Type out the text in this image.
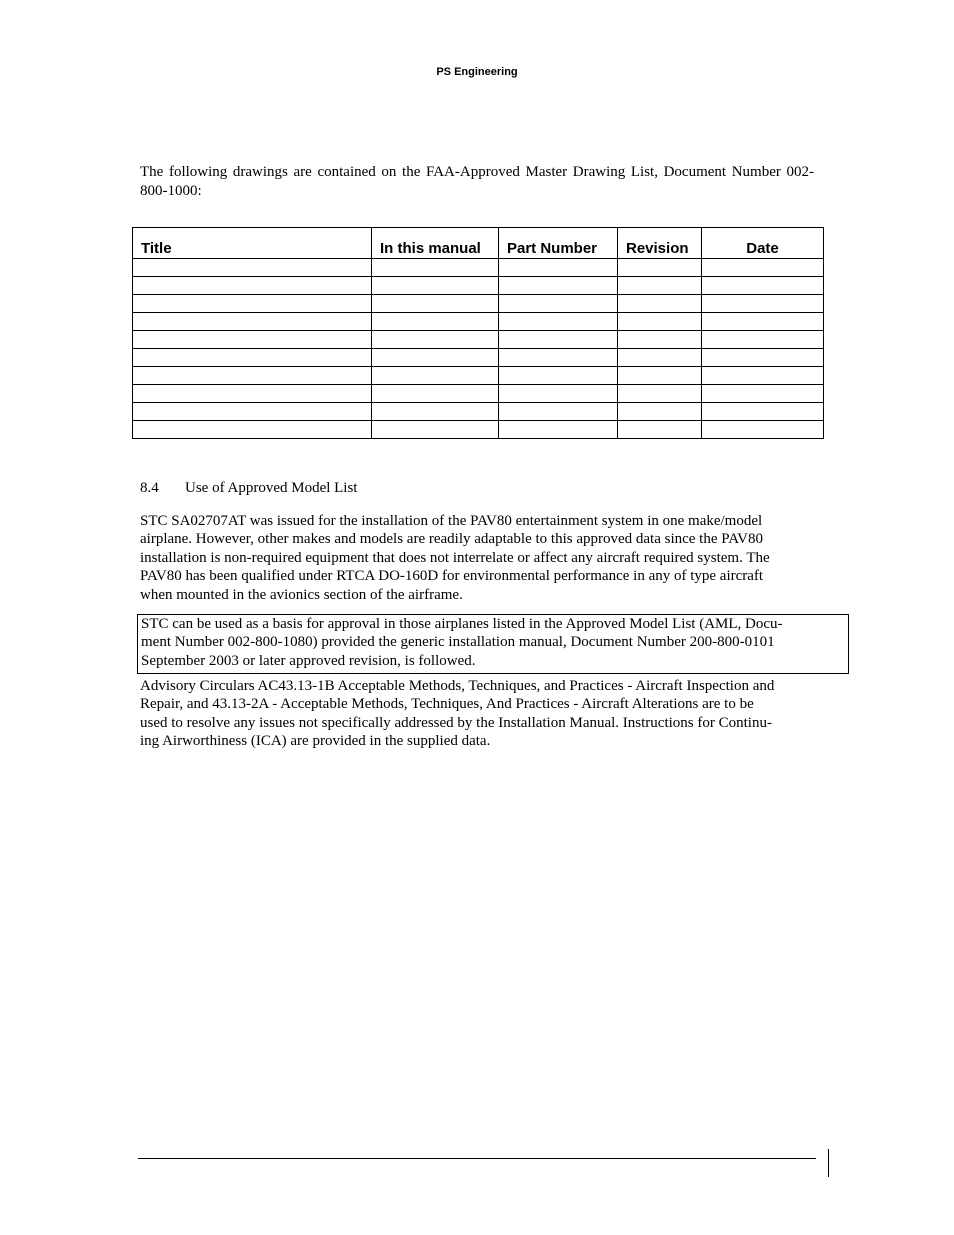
PS Engineering
The following drawings are contained on the FAA-Approved Master Drawing List, Document Number 002-800-1000:
Title	In this manual	Part Number	Revision	Date

8.4 Use of Approved Model List
STC SA02707AT was issued for the installation of the PAV80 entertainment system in one make/model
airplane. However, other makes and models are readily adaptable to this approved data since the PAV80
installation is non-required equipment that does not interrelate or affect any aircraft required system. The
PAV80 has been qualified under RTCA DO-160D for environmental performance in any of type aircraft
when mounted in the avionics section of the airframe.
STC can be used as a basis for approval in those airplanes listed in the Approved Model List (AML, Docu-
ment Number 002-800-1080) provided the generic installation manual, Document Number 200-800-0101
September 2003 or later approved revision, is followed.
Advisory Circulars AC43.13-1B Acceptable Methods, Techniques, and Practices - Aircraft Inspection and
Repair, and 43.13-2A - Acceptable Methods, Techniques, And Practices - Aircraft Alterations are to be
used to resolve any issues not specifically addressed by the Installation Manual. Instructions for Continu-
ing Airworthiness (ICA) are provided in the supplied data.
